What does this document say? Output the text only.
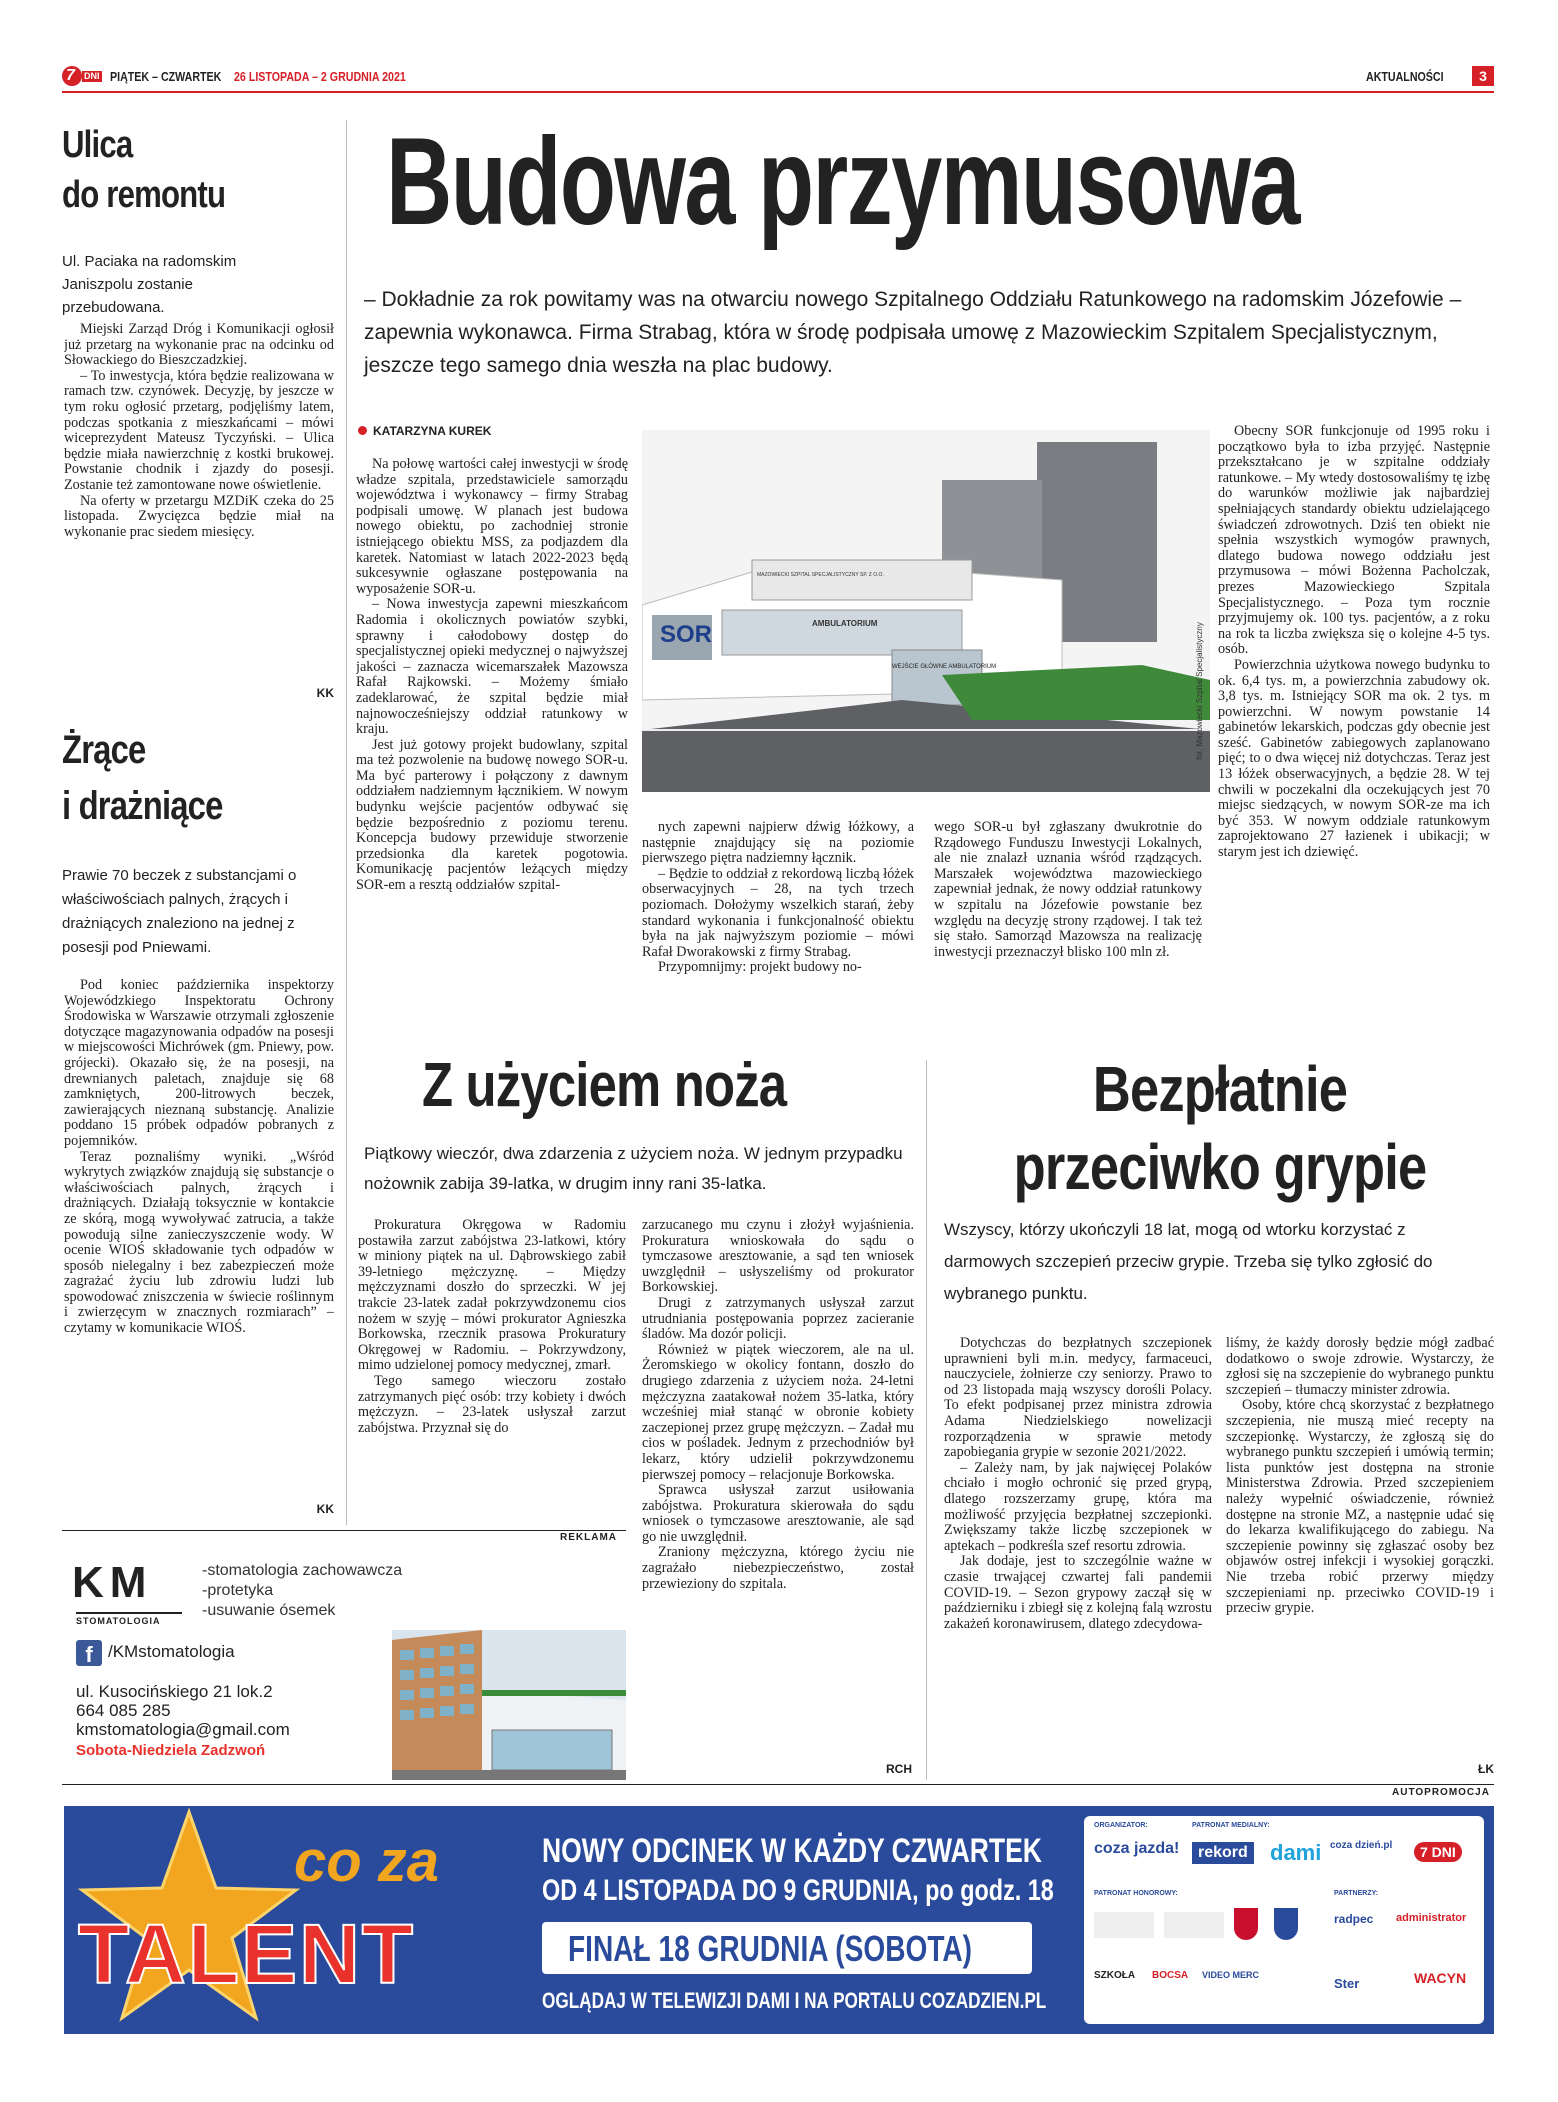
7 DNI PIĄTEK – CZWARTEK 26 LISTOPADA – 2 GRUDNIA 2021	AKTUALNOŚCI	3
Ulica
do remontu
Ul. Paciaka na radomskim Janiszpolu zostanie przebudowana.

Miejski Zarząd Dróg i Komunikacji ogłosił już przetarg na wykonanie prac na odcinku od Słowackiego do Bieszczadzkiej.

– To inwestycja, która będzie realizowana w ramach tzw. czynówek. Decyzję, by jeszcze w tym roku ogłosić przetarg, podjęliśmy latem, podczas spotkania z mieszkańcami – mówi wiceprezydent Mateusz Tyczyński. – Ulica będzie miała nawierzchnię z kostki brukowej. Powstanie chodnik i zjazdy do posesji. Zostanie też zamontowane nowe oświetlenie.

Na oferty w przetargu MZDiK czeka do 25 listopada. Zwycięzca będzie miał na wykonanie prac siedem miesięcy.

KK
Żrące
i drażniące
Prawie 70 beczek z substancjami o właściwościach palnych, żrących i drażniących znaleziono na jednej z posesji pod Pniewami.

Pod koniec października inspektorzy Wojewódzkiego Inspektoratu Ochrony Środowiska w Warszawie otrzymali zgłoszenie dotyczące magazynowania odpadów na posesji w miejscowości Michrówek (gm. Pniewy, pow. grójecki). Okazało się, że na posesji, na drewnianych paletach, znajduje się 68 zamkniętych, 200-litrowych beczek, zawierających nieznaną substancję. Analizie poddano 15 próbek odpadów pobranych z pojemników.

Teraz poznaliśmy wyniki. „Wśród wykrytych związków znajdują się substancje o właściwościach palnych, żrących i drażniących. Działają toksycznie w kontakcie ze skórą, mogą wywoływać zatrucia, a także powodują silne zanieczyszczenie wody. W ocenie WIOŚ składowanie tych odpadów w sposób nielegalny i bez zabezpieczeń może zagrażać życiu lub zdrowiu ludzi lub spowodować zniszczenia w świecie roślinnym i zwierzęcym w znacznych rozmiarach” – czytamy w komunikacie WIOŚ.

KK
Budowa przymusowa
– Dokładnie za rok powitamy was na otwarciu nowego Szpitalnego Oddziału Ratunkowego na radomskim Józefowie – zapewnia wykonawca. Firma Strabag, która w środę podpisała umowę z Mazowieckim Szpitalem Specjalistycznym, jeszcze tego samego dnia weszła na plac budowy.
KATARZYNA KUREK

Na połowę wartości całej inwestycji w środę władze szpitala, przedstawiciele samorządu województwa i wykonawcy – firmy Strabag podpisali umowę. W planach jest budowa nowego obiektu, po zachodniej stronie istniejącego obiektu MSS, za podjazdem dla karetek. Natomiast w latach 2022-2023 będą sukcesywnie ogłaszane postępowania na wyposażenie SOR-u.

– Nowa inwestycja zapewni mieszkańcom Radomia i okolicznych powiatów szybki, sprawny i całodobowy dostęp do specjalistycznej opieki medycznej o najwyższej jakości – zaznacza wicemarszałek Mazowsza Rafał Rajkowski. – Możemy śmiało zadeklarować, że szpital będzie miał najnowocześniejszy oddział ratunkowy w kraju.

Jest już gotowy projekt budowlany, szpital ma też pozwolenie na budowę nowego SOR-u. Ma być parterowy i połączony z dawnym oddziałem nadziemnym łącznikiem. W nowym budynku wejście pacjentów odbywać się będzie bezpośrednio z poziomu terenu. Koncepcja budowy przewiduje stworzenie przedsionka dla karetek pogotowia. Komunikację pacjentów leżących między SOR-em a resztą oddziałów szpital-

SOR	AMBULATORIUM
WEJŚCIE GŁÓWNE AMBULATORIUM
MAZOWIECKI SZPITAL SPECJALISTYCZNY SP. Z O.O.
fot. Mazowiecki Szpital Specjalistyczny

nych zapewni najpierw dźwig łóżkowy, a następnie znajdujący się na poziomie pierwszego piętra nadziemny łącznik.

– Będzie to oddział z rekordową liczbą łóżek obserwacyjnych – 28, na tych trzech poziomach. Dołożymy wszelkich starań, żeby standard wykonania i funkcjonalność obiektu była na jak najwyższym poziomie – mówi Rafał Dworakowski z firmy Strabag.

Przypomnijmy: projekt budowy no-

wego SOR-u był zgłaszany dwukrotnie do Rządowego Funduszu Inwestycji Lokalnych, ale nie znalazł uznania wśród rządzących. Marszałek województwa mazowieckiego zapewniał jednak, że nowy oddział ratunkowy w szpitalu na Józefowie powstanie bez względu na decyzję strony rządowej. I tak też się stało. Samorząd Mazowsza na realizację inwestycji przeznaczył blisko 100 mln zł.

Obecny SOR funkcjonuje od 1995 roku i początkowo była to izba przyjęć. Następnie przekształcano je w szpitalne oddziały ratunkowe. – My wtedy dostosowaliśmy tę izbę do warunków możliwie jak najbardziej spełniających standardy obiektu udzielającego świadczeń zdrowotnych. Dziś ten obiekt nie spełnia wszystkich wymogów prawnych, dlatego budowa nowego oddziału jest przymusowa – mówi Bożenna Pacholczak, prezes Mazowieckiego Szpitala Specjalistycznego. – Poza tym rocznie przyjmujemy ok. 100 tys. pacjentów, a z roku na rok ta liczba zwiększa się o kolejne 4-5 tys. osób.

Powierzchnia użytkowa nowego budynku to ok. 6,4 tys. m, a powierzchnia zabudowy ok. 3,8 tys. m. Istniejący SOR ma ok. 2 tys. m powierzchni. W nowym powstanie 14 gabinetów lekarskich, podczas gdy obecnie jest sześć. Gabinetów zabiegowych zaplanowano pięć; to o dwa więcej niż dotychczas. Teraz jest 13 łóżek obserwacyjnych, a będzie 28. W tej chwili w poczekalni dla oczekujących jest 70 miejsc siedzących, w nowym SOR-ze ma ich być 353. W nowym oddziale ratunkowym zaprojektowano 27 łazienek i ubikacji; w starym jest ich dziewięć.

Z użyciem noża
Piątkowy wieczór, dwa zdarzenia z użyciem noża. W jednym przypadku nożownik zabija 39-latka, w drugim inny rani 35-latka.

Prokuratura Okręgowa w Radomiu postawiła zarzut zabójstwa 23-latkowi, który w miniony piątek na ul. Dąbrowskiego zabił 39-letniego mężczyznę. – Między mężczyznami doszło do sprzeczki. W jej trakcie 23-latek zadał pokrzywdzonemu cios nożem w szyję – mówi prokurator Agnieszka Borkowska, rzecznik prasowa Prokuratury Okręgowej w Radomiu. – Pokrzywdzony, mimo udzielonej pomocy medycznej, zmarł.

Tego samego wieczoru zostało zatrzymanych pięć osób: trzy kobiety i dwóch mężczyzn. – 23-latek usłyszał zarzut zabójstwa. Przyznał się do

zarzucanego mu czynu i złożył wyjaśnienia. Prokuratura wnioskowała do sądu o tymczasowe aresztowanie, a sąd ten wniosek uwzględnił – usłyszeliśmy od prokurator Borkowskiej.

Drugi z zatrzymanych usłyszał zarzut utrudniania postępowania poprzez zacieranie śladów. Ma dozór policji.

Również w piątek wieczorem, ale na ul. Żeromskiego w okolicy fontann, doszło do drugiego zdarzenia z użyciem noża. 24-letni mężczyzna zaatakował nożem 35-latka, który wcześniej miał stanąć w obronie kobiety zaczepionej przez grupę mężczyzn. – Zadał mu cios w pośladek. Jednym z przechodniów był lekarz, który udzielił pokrzywdzonemu pierwszej pomocy – relacjonuje Borkowska.

Sprawca usłyszał zarzut usiłowania zabójstwa. Prokuratura skierowała do sądu wniosek o tymczasowe aresztowanie, ale sąd go nie uwzględnił.

Zraniony mężczyzna, którego życiu nie zagrażało niebezpieczeństwo, został przewieziony do szpitala.

RCH
Bezpłatnie
przeciwko grypie
Wszyscy, którzy ukończyli 18 lat, mogą od wtorku korzystać z darmowych szczepień przeciw grypie. Trzeba się tylko zgłosić do wybranego punktu.

Dotychczas do bezpłatnych szczepionek uprawnieni byli m.in. medycy, farmaceuci, nauczyciele, żołnierze czy seniorzy. Prawo to od 23 listopada mają wszyscy dorośli Polacy. To efekt podpisanej przez ministra zdrowia Adama Niedzielskiego nowelizacji rozporządzenia w sprawie metody zapobiegania grypie w sezonie 2021/2022.

– Zależy nam, by jak najwięcej Polaków chciało i mogło ochronić się przed grypą, dlatego rozszerzamy grupę, która ma możliwość przyjęcia bezpłatnej szczepionki. Zwiększamy także liczbę szczepionek w aptekach – podkreśla szef resortu zdrowia.

Jak dodaje, jest to szczególnie ważne w czasie trwającej czwartej fali pandemii COVID-19. – Sezon grypowy zaczął się w październiku i zbiegł się z kolejną falą wzrostu zakażeń koronawirusem, dlatego zdecydowa-

liśmy, że każdy dorosły będzie mógł zadbać dodatkowo o swoje zdrowie. Wystarczy, że zgłosi się na szczepienie do wybranego punktu szczepień – tłumaczy minister zdrowia.

Osoby, które chcą skorzystać z bezpłatnego szczepienia, nie muszą mieć recepty na szczepionkę. Wystarczy, że zgłoszą się do wybranego punktu szczepień i umówią termin; lista punktów jest dostępna na stronie Ministerstwa Zdrowia. Przed szczepieniem należy wypełnić oświadczenie, również dostępne na stronie MZ, a następnie udać się do lekarza kwalifikującego do zabiegu. Na szczepienie powinny się zgłaszać osoby bez objawów ostrej infekcji i wysokiej gorączki. Nie trzeba robić przerwy między szczepieniami np. przeciwko COVID-19 i przeciw grypie.

ŁK
REKLAMA
KM
STOMATOLOGIA
-stomatologia zachowawcza
-protetyka
-usuwanie ósemek
f /KMstomatologia
ul. Kusocińskiego 21 lok.2
664 085 285
kmstomatologia@gmail.com
Sobota-Niedziela Zadzwoń
AUTOPROMOCJA
co za
TALENT
NOWY ODCINEK W KAŻDY CZWARTEK
OD 4 LISTOPADA DO 9 GRUDNIA, po godz. 18
FINAŁ 18 GRUDNIA (SOBOTA)
OGLĄDAJ W TELEWIZJI DAMI I NA PORTALU COZADZIEN.PL
ORGANIZATOR:	PATRONAT MEDIALNY:
coza jazda!	rekord dami coza dzień.pl	7 DNI
PATRONAT HONOROWY:	PARTNERZY:
radpec administrator
SZKOŁA BOCSA VIDEO MERC
Ster	WACYN
